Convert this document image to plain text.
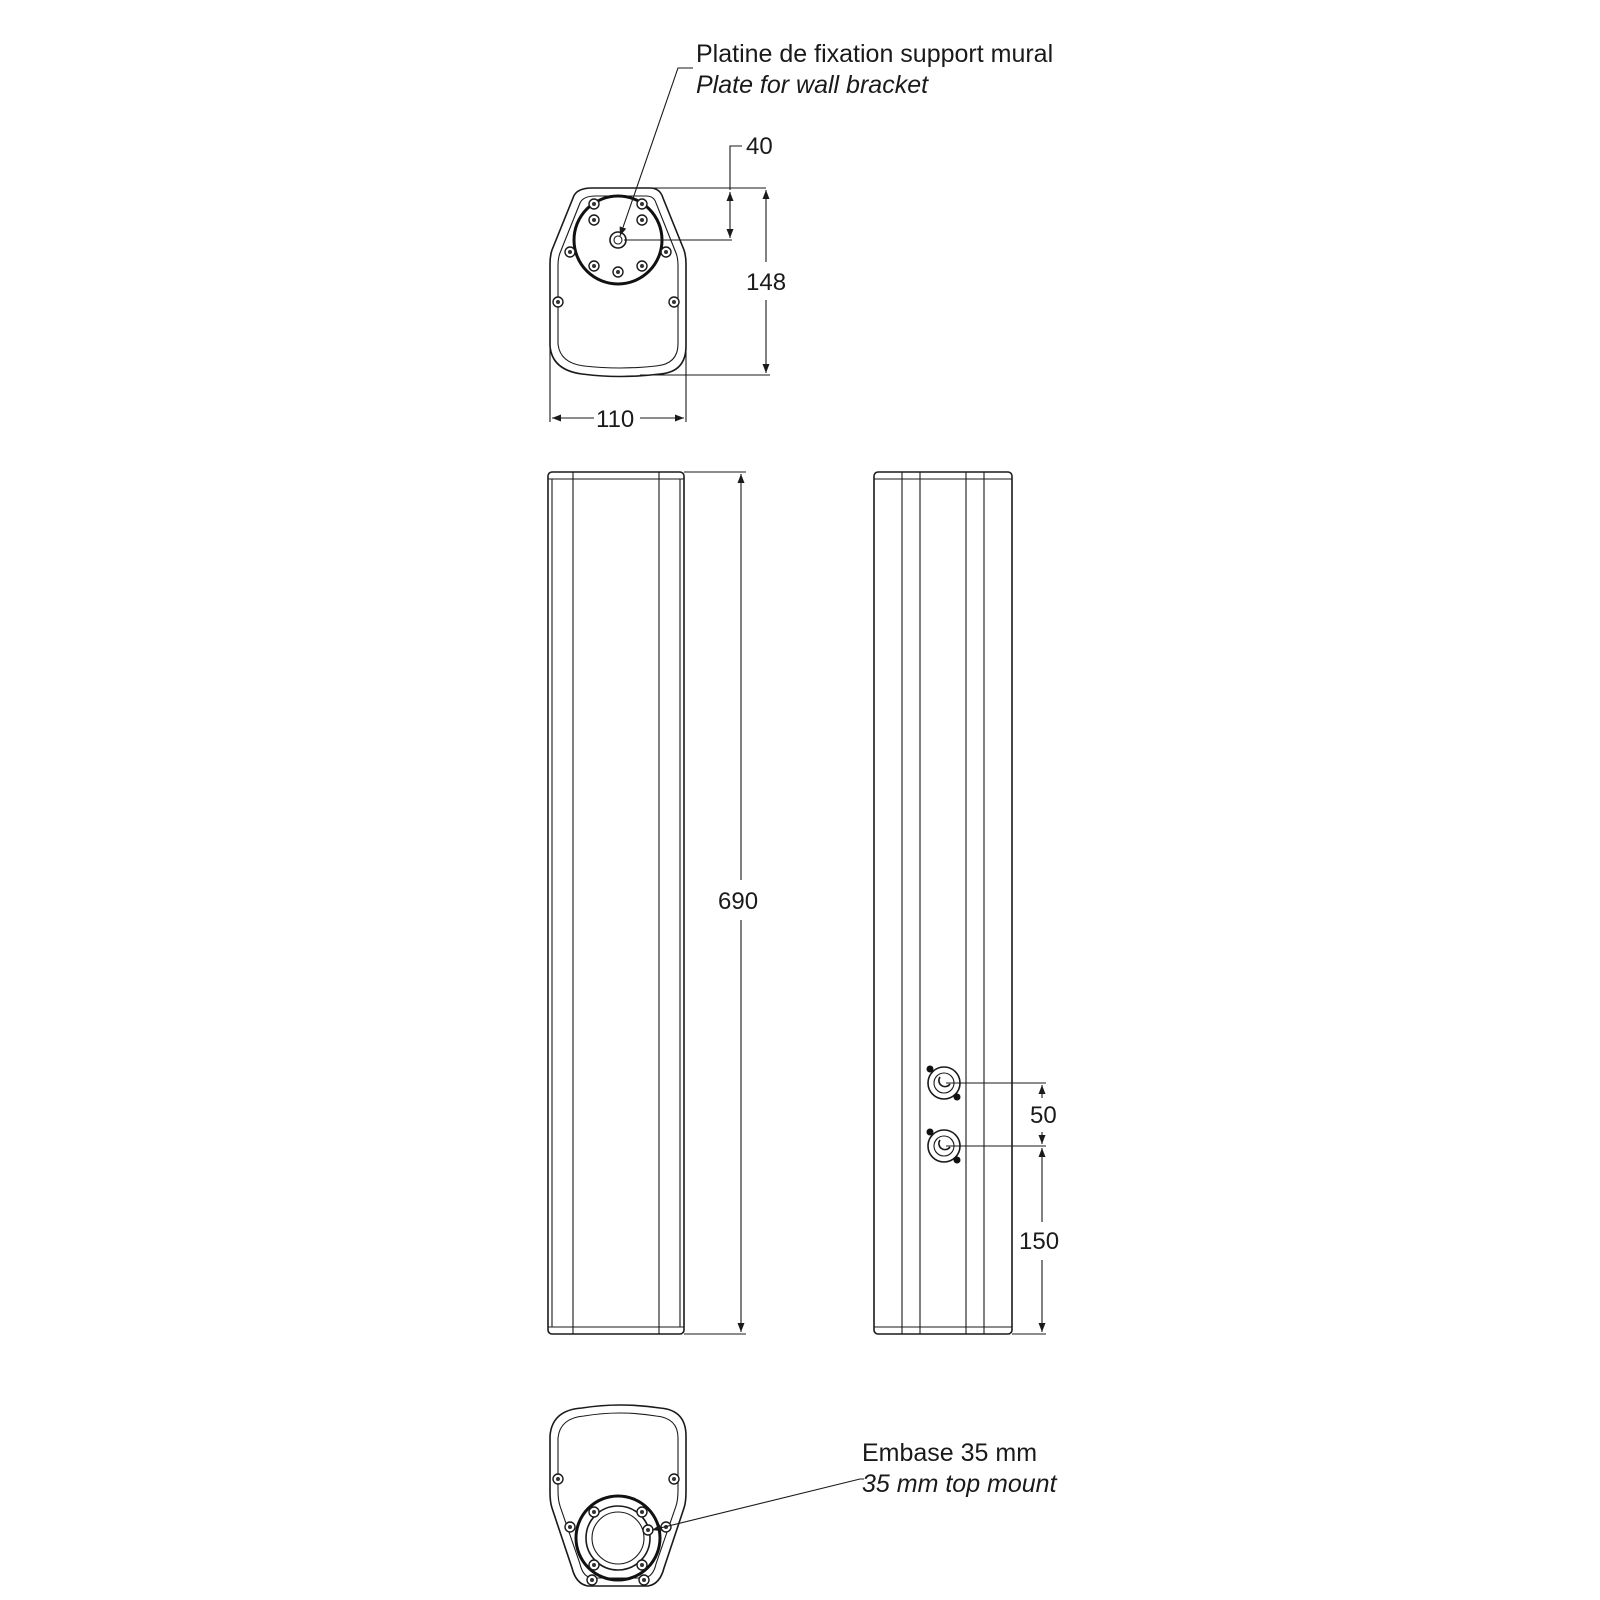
Platine de fixation support mural
Plate for wall bracket
40
148
110
690
50
150
Embase 35 mm
35 mm top mount
